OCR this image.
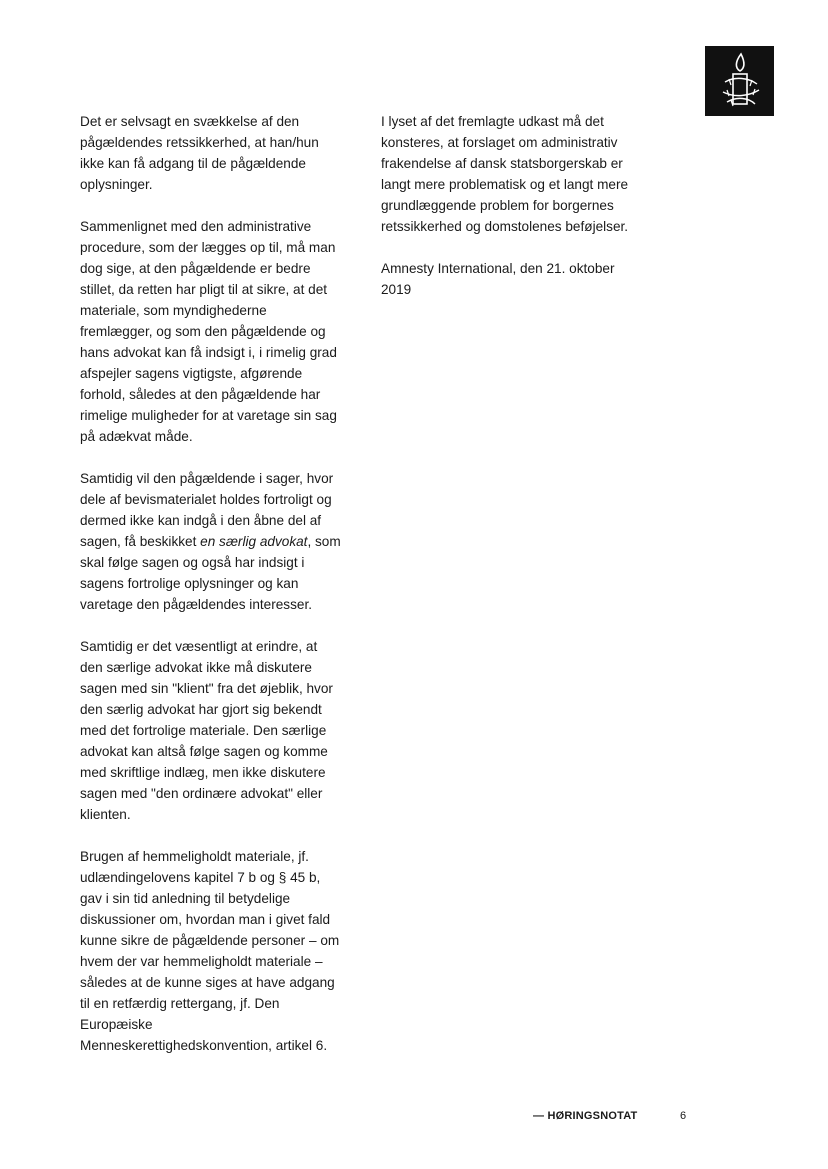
Det er selvsagt en svækkelse af den
pågældendes retssikkerhed, at han/hun
ikke kan få adgang til de pågældende
oplysninger.

Sammenlignet med den administrative
procedure, som der lægges op til, må man
dog sige, at den pågældende er bedre
stillet, da retten har pligt til at sikre, at det
materiale, som myndighederne
fremlægger, og som den pågældende og
hans advokat kan få indsigt i, i rimelig grad
afspejler sagens vigtigste, afgørende
forhold, således at den pågældende har
rimelige muligheder for at varetage sin sag
på adækvat måde.

Samtidig vil den pågældende i sager, hvor
dele af bevismaterialet holdes fortroligt og
dermed ikke kan indgå i den åbne del af
sagen, få beskikket en særlig advokat, som
skal følge sagen og også har indsigt i
sagens fortrolige oplysninger og kan
varetage den pågældendes interesser.

Samtidig er det væsentligt at erindre, at
den særlige advokat ikke må diskutere
sagen med sin "klient" fra det øjeblik, hvor
den særlig advokat har gjort sig bekendt
med det fortrolige materiale. Den særlige
advokat kan altså følge sagen og komme
med skriftlige indlæg, men ikke diskutere
sagen med "den ordinære advokat" eller
klienten.

Brugen af hemmeligholdt materiale, jf.
udlændingelovens kapitel 7 b og § 45 b,
gav i sin tid anledning til betydelige
diskussioner om, hvordan man i givet fald
kunne sikre de pågældende personer – om
hvem der var hemmeligholdt materiale –
således at de kunne siges at have adgang
til en retfærdig rettergang, jf. Den
Europæiske
Menneskerettighedskonvention, artikel 6.

I lyset af det fremlagte udkast må det
konsteres, at forslaget om administrativ
frakendelse af dansk statsborgerskab er
langt mere problematisk og et langt mere
grundlæggende problem for borgernes
retssikkerhed og domstolenes beføjelser.

Amnesty International, den 21. oktober
2019

— HØRINGSNOTAT	6
